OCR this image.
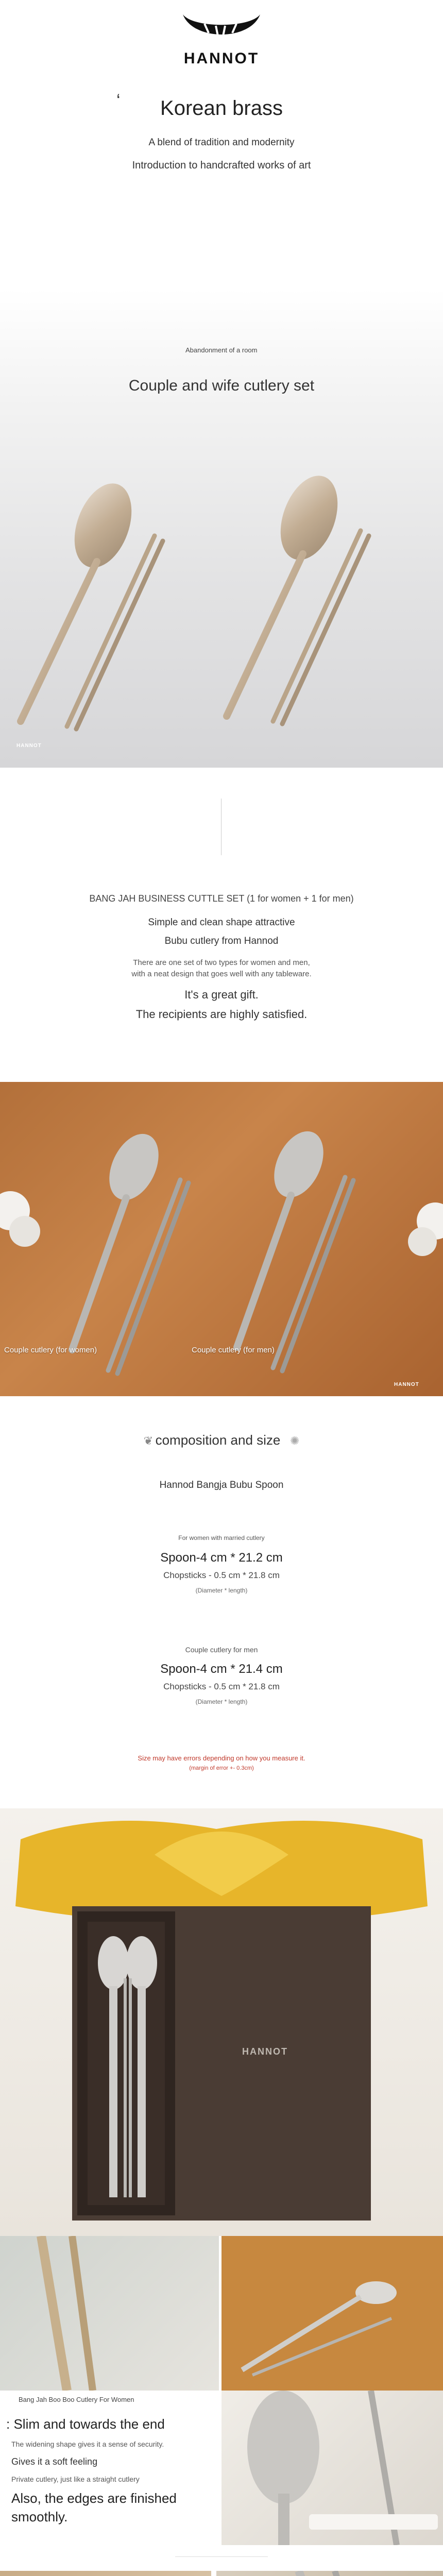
HANNOT
‘	Korean brass
A blend of tradition and modernity
Introduction to handcrafted works of art
Abandonment of a room
Couple and wife cutlery set
HANNOT
BANG JAH BUSINESS CUTTLE SET (1 for women + 1 for men)
Simple and clean shape attractive
Bubu cutlery from Hannod
There are one set of two types for women and men,
with a neat design that goes well with any tableware.
It's a great gift.
The recipients are highly satisfied.
Couple cutlery (for women)	Couple cutlery (for men)
HANNOT
❦ composition and size ✺
Hannod Bangja Bubu Spoon
For women with married cutlery
Spoon-4 cm * 21.2 cm
Chopsticks - 0.5 cm * 21.8 cm
(Diameter * length)
Couple cutlery for men
Spoon-4 cm * 21.4 cm
Chopsticks - 0.5 cm * 21.8 cm
(Diameter * length)
Size may have errors depending on how you measure it.
(margin of error +- 0.3cm)
HANNOT
Bang Jah Boo Boo Cutlery For Women
: Slim and towards the end
The widening shape gives it a sense of security.
Gives it a soft feeling
Private cutlery, just like a straight cutlery
Also, the edges are finished
smoothly.
